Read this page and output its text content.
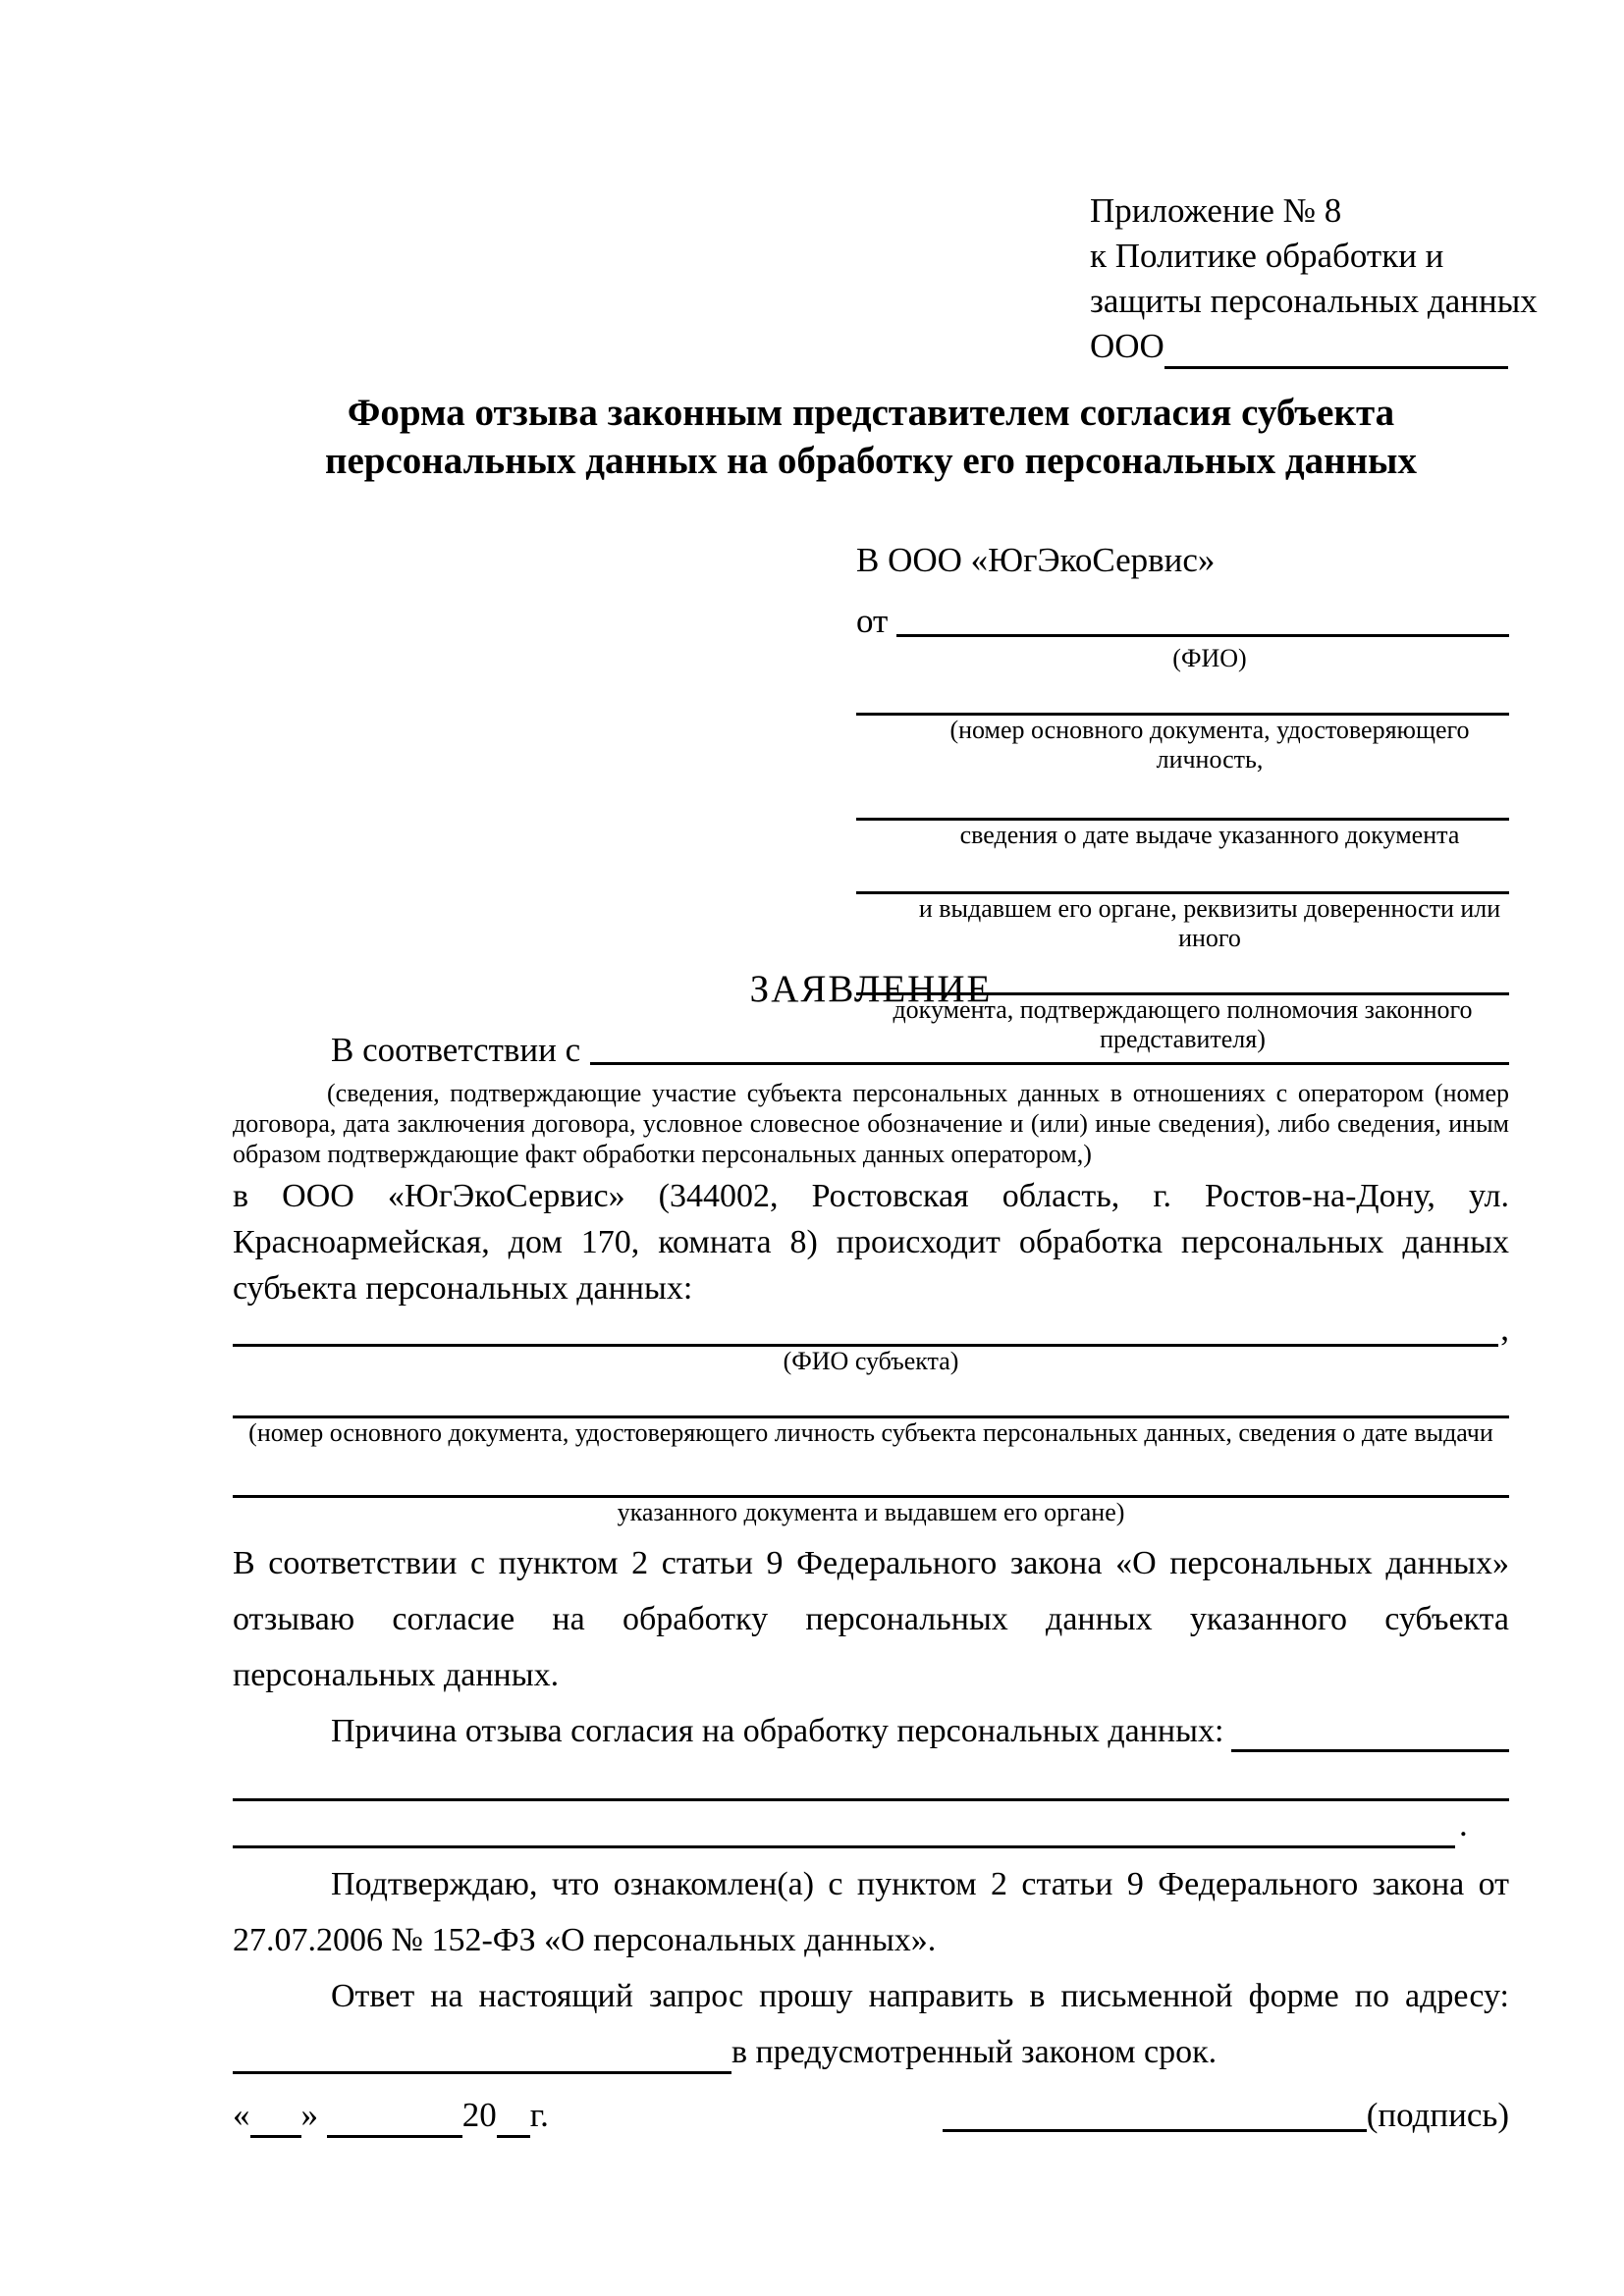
Приложение № 8
к Политике обработки и
защиты персональных данных
ООО
Форма отзыва законным представителем согласия субъекта персональных данных на обработку его персональных данных
В ООО «ЮгЭкоСервис»
от

(ФИО)
(номер основного документа, удостоверяющего личность,
сведения о дате выдаче указанного документа
и выдавшем его органе, реквизиты доверенности или иного
документа, подтверждающего полномочия законного представителя)
ЗАЯВЛЕНИЕ
В соответствии с
(сведения, подтверждающие участие субъекта персональных данных в отношениях с оператором (номер договора, дата заключения договора, условное словесное обозначение и (или) иные сведения), либо сведения, иным образом подтверждающие факт обработки персональных данных оператором,)
в ООО «ЮгЭкоСервис» (344002, Ростовская область, г. Ростов-на-Дону, ул. Красноармейская, дом 170, комната 8) происходит обработка персональных данных субъекта персональных данных:
,
(ФИО субъекта)
(номер основного документа, удостоверяющего личность субъекта персональных данных, сведения о дате выдачи
указанного документа и выдавшем его органе)
В соответствии с пунктом 2 статьи 9 Федерального закона «О персональных данных» отзываю согласие на обработку персональных данных указанного субъекта персональных данных.
Причина отзыва согласия на обработку персональных данных:
.
Подтверждаю, что ознакомлен(а) с пунктом 2 статьи 9 Федерального закона от 27.07.2006 № 152-ФЗ «О персональных данных».
Ответ на настоящий запрос прошу направить в письменной форме по адресу:
в предусмотренный законом срок.
« »
	20 г.	(подпись)
